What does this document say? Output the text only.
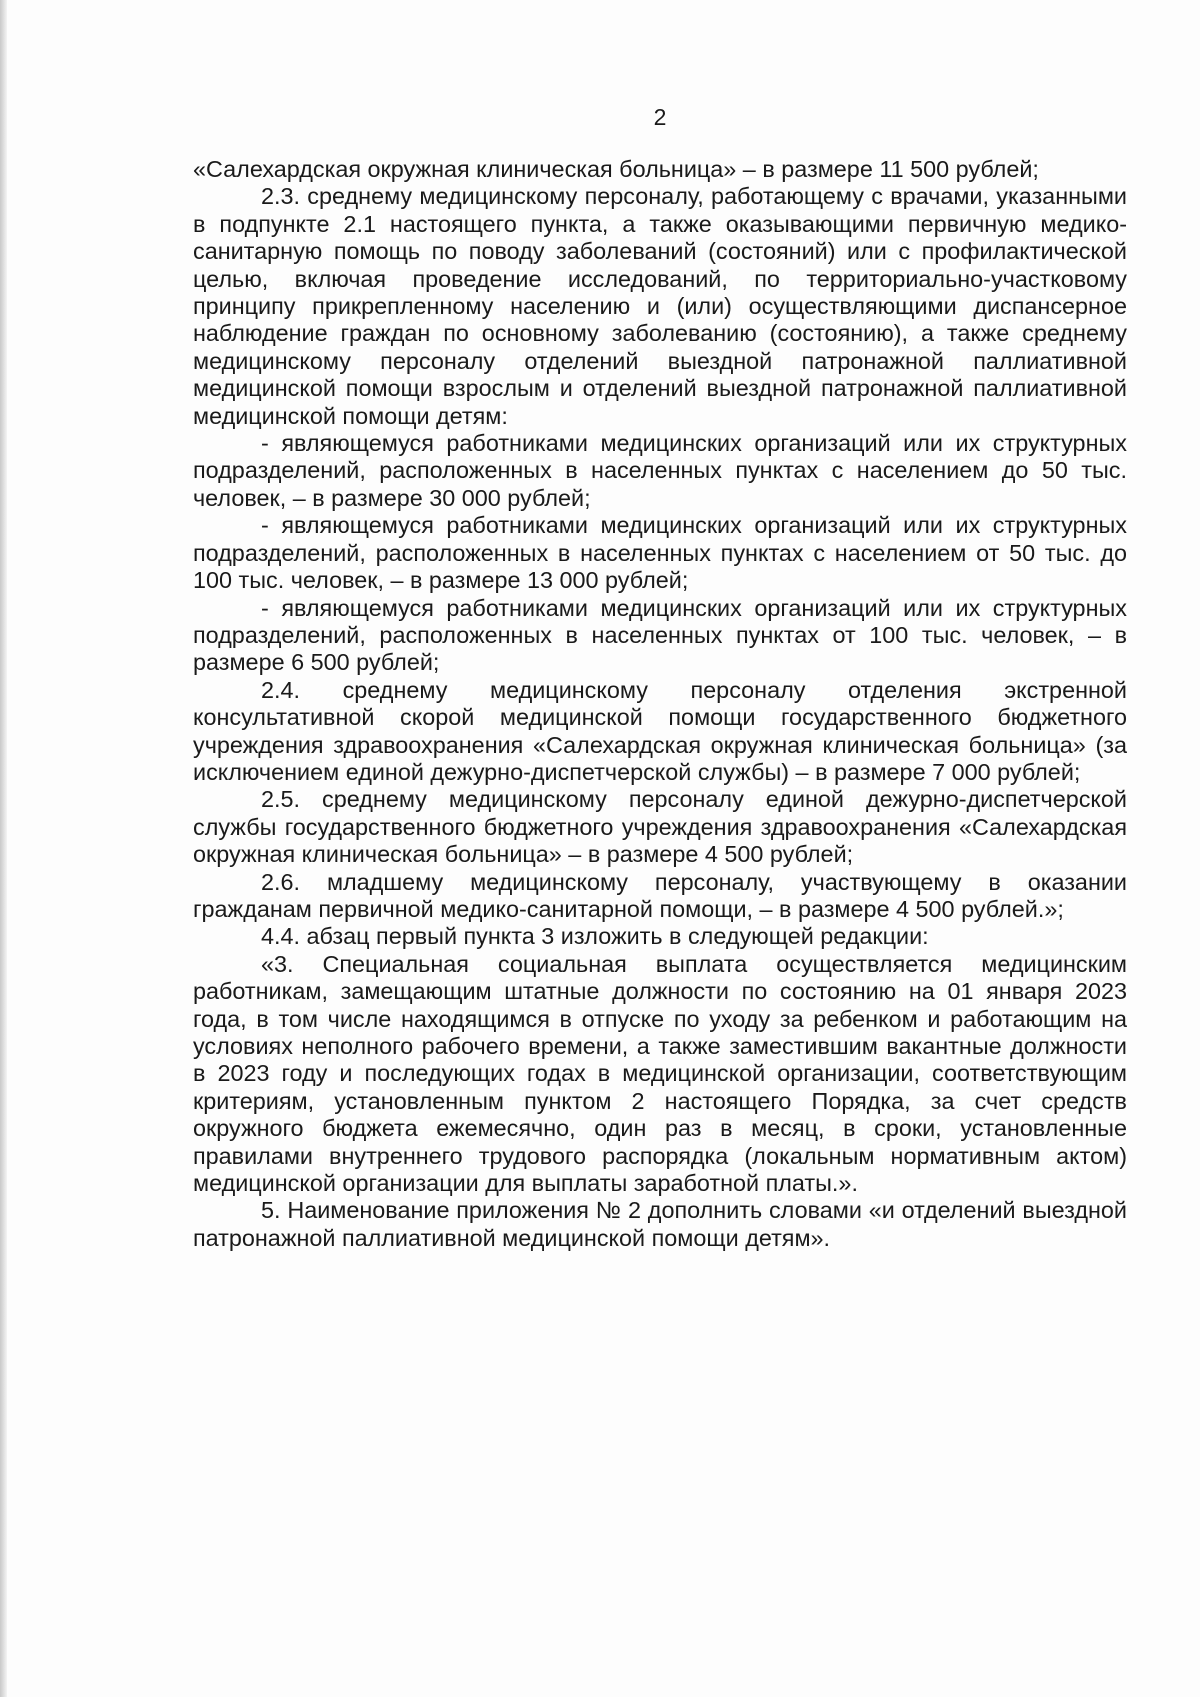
2

«Салехардская окружная клиническая больница» – в размере 11 500 рублей;

2.3. среднему медицинскому персоналу, работающему с врачами, указанными в подпункте 2.1 настоящего пункта, а также оказывающими первичную медико-санитарную помощь по поводу заболеваний (состояний) или с профилактической целью, включая проведение исследований, по территориально-участковому принципу прикрепленному населению и (или) осуществляющими диспансерное наблюдение граждан по основному заболеванию (состоянию), а также среднему медицинскому персоналу отделений выездной патронажной паллиативной медицинской помощи взрослым и отделений выездной патронажной паллиативной медицинской помощи детям:

- являющемуся работниками медицинских организаций или их структурных подразделений, расположенных в населенных пунктах с населением до 50 тыс. человек, – в размере 30 000 рублей;

- являющемуся работниками медицинских организаций или их структурных подразделений, расположенных в населенных пунктах с населением от 50 тыс. до 100 тыс. человек, – в размере 13 000 рублей;

- являющемуся работниками медицинских организаций или их структурных подразделений, расположенных в населенных пунктах от 100 тыс. человек, – в размере 6 500 рублей;

2.4. среднему медицинскому персоналу отделения экстренной консультативной скорой медицинской помощи государственного бюджетного учреждения здравоохранения «Салехардская окружная клиническая больница» (за исключением единой дежурно-диспетчерской службы) – в размере 7 000 рублей;

2.5. среднему медицинскому персоналу единой дежурно-диспетчерской службы государственного бюджетного учреждения здравоохранения «Салехардская окружная клиническая больница» – в размере 4 500 рублей;

2.6. младшему медицинскому персоналу, участвующему в оказании гражданам первичной медико-санитарной помощи, – в размере 4 500 рублей.»;

4.4. абзац первый пункта 3 изложить в следующей редакции:

«3. Специальная социальная выплата осуществляется медицинским работникам, замещающим штатные должности по состоянию на 01 января 2023 года, в том числе находящимся в отпуске по уходу за ребенком и работающим на условиях неполного рабочего времени, а также заместившим вакантные должности в 2023 году и последующих годах в медицинской организации, соответствующим критериям, установленным пунктом 2 настоящего Порядка, за счет средств окружного бюджета ежемесячно, один раз в месяц, в сроки, установленные правилами внутреннего трудового распорядка (локальным нормативным актом) медицинской организации для выплаты заработной платы.».

5. Наименование приложения № 2 дополнить словами «и отделений выездной патронажной паллиативной медицинской помощи детям».
